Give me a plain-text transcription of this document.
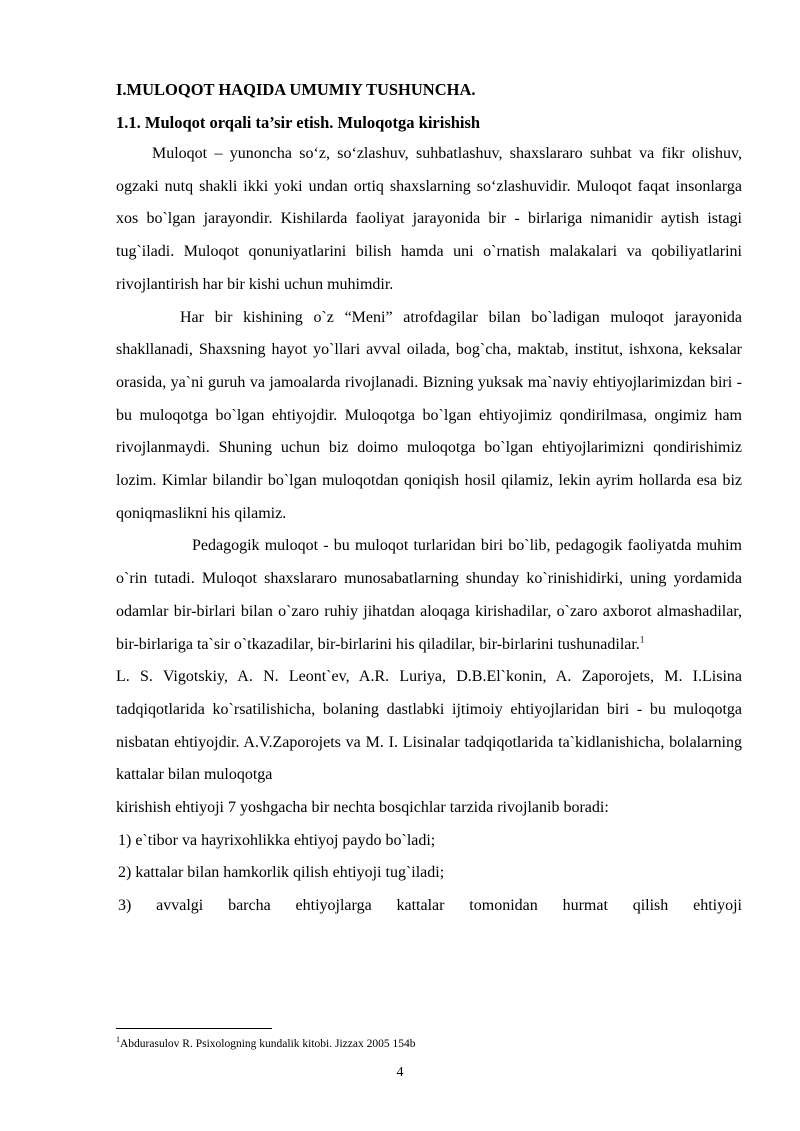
I.MULOQOT HAQIDA UMUMIY TUSHUNCHA.
1.1. Muloqot orqali ta’sir etish. Muloqotga kirishish

Muloqot – yunoncha so‘z, so‘zlashuv, suhbatlashuv, shaxslararo suhbat va fikr olishuv, ogzaki nutq shakli ikki yoki undan ortiq shaxslarning so‘zlashuvidir. Muloqot faqat insonlarga xos bo`lgan jarayondir. Kishilarda faoliyat jarayonida bir - birlariga nimanidir aytish istagi tug`iladi. Muloqot qonuniyatlarini bilish hamda uni o`rnatish malakalari va qobiliyatlarini rivojlantirish har bir kishi uchun muhimdir.

Har bir kishining o`z “Meni” atrofdagilar bilan bo`ladigan muloqot jarayonida shakllanadi, Shaxsning hayot yo`llari avval oilada, bog`cha, maktab, institut, ishxona, keksalar orasida, ya`ni guruh va jamoalarda rivojlanadi. Bizning yuksak ma`naviy ehtiyojlarimizdan biri - bu muloqotga bo`lgan ehtiyojdir. Muloqotga bo`lgan ehtiyojimiz qondirilmasa, ongimiz ham rivojlanmaydi. Shuning uchun biz doimo muloqotga bo`lgan ehtiyojlarimizni qondirishimiz lozim. Kimlar bilandir bo`lgan muloqotdan qoniqish hosil qilamiz, lekin ayrim hollarda esa biz qoniqmaslikni his qilamiz.

Pedagogik muloqot - bu muloqot turlaridan biri bo`lib, pedagogik faoliyatda muhim o`rin tutadi. Muloqot shaxslararo munosabatlarning shunday ko`rinishidirki, uning yordamida odamlar bir-birlari bilan o`zaro ruhiy jihatdan aloqaga kirishadilar, o`zaro axborot almashadilar, bir-birlariga ta`sir o`tkazadilar, bir-birlarini his qiladilar, bir-birlarini tushunadilar.$^1$

L. S. Vigotskiy, A. N. Leont`ev, A.R. Luriya, D.B.El`konin, A. Zaporojets, M. I.Lisina tadqiqotlarida ko`rsatilishicha, bolaning dastlabki ijtimoiy ehtiyojlaridan biri - bu muloqotga nisbatan ehtiyojdir. A.V.Zaporojets va M. I. Lisinalar tadqiqotlarida ta`kidlanishicha, bolalarning kattalar bilan muloqotga

kirishish ehtiyoji 7 yoshgacha bir nechta bosqichlar tarzida rivojlanib boradi:

1) e`tibor va hayrixohlikka ehtiyoj paydo bo`ladi;
2) kattalar bilan hamkorlik qilish ehtiyoji tug`iladi;
3) avvalgi barcha ehtiyojlarga kattalar tomonidan hurmat qilish ehtiyoji
$^1$Abdurasulov R. Psixologning kundalik kitobi. Jizzax 2005 154b
4
